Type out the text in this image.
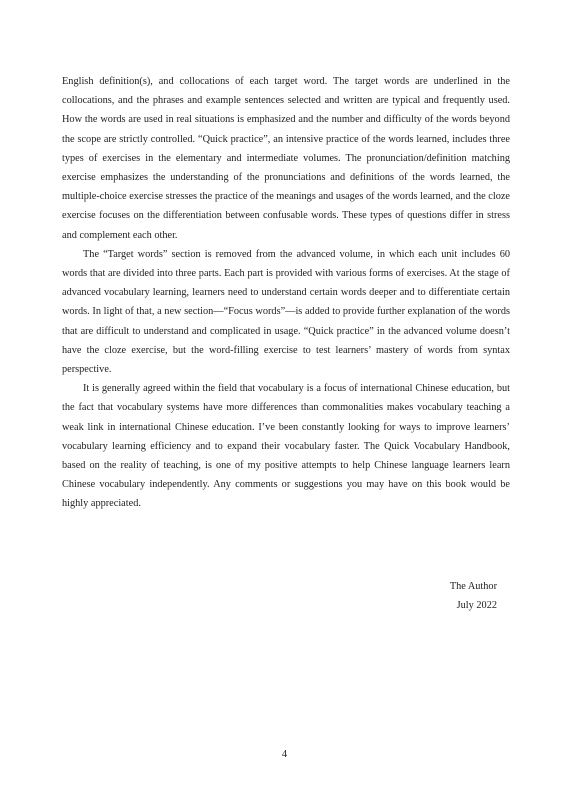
English definition(s), and collocations of each target word. The target words are underlined in the collocations, and the phrases and example sentences selected and written are typical and frequently used. How the words are used in real situations is emphasized and the number and difficulty of the words beyond the scope are strictly controlled. “Quick practice”, an intensive practice of the words learned, includes three types of exercises in the elementary and intermediate volumes. The pronunciation/definition matching exercise emphasizes the understanding of the pronunciations and definitions of the words learned, the multiple-choice exercise stresses the practice of the meanings and usages of the words learned, and the cloze exercise focuses on the differentiation between confusable words. These types of questions differ in stress and complement each other.

The “Target words” section is removed from the advanced volume, in which each unit includes 60 words that are divided into three parts. Each part is provided with various forms of exercises. At the stage of advanced vocabulary learning, learners need to understand certain words deeper and to differentiate certain words. In light of that, a new section—“Focus words”—is added to provide further explanation of the words that are difficult to understand and complicated in usage. “Quick practice” in the advanced volume doesn’t have the cloze exercise, but the word-filling exercise to test learners’ mastery of words from syntax perspective.

It is generally agreed within the field that vocabulary is a focus of international Chinese education, but the fact that vocabulary systems have more differences than commonalities makes vocabulary teaching a weak link in international Chinese education. I’ve been constantly looking for ways to improve learners’ vocabulary learning efficiency and to expand their vocabulary faster. The Quick Vocabulary Handbook, based on the reality of teaching, is one of my positive attempts to help Chinese language learners learn Chinese vocabulary independently. Any comments or suggestions you may have on this book would be highly appreciated.

The Author
July 2022
4
